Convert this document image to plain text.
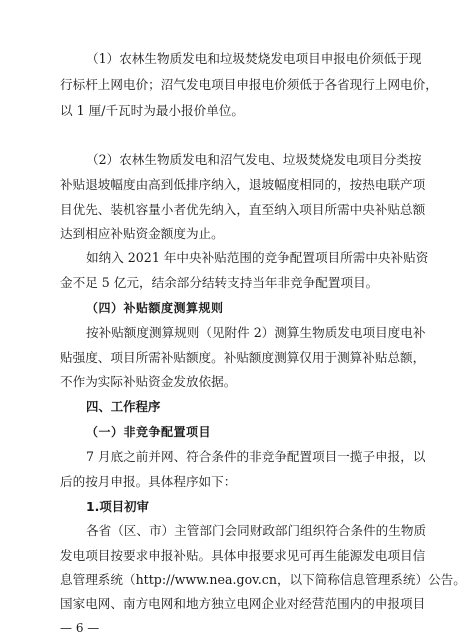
（1）农林生物质发电和垃圾焚烧发电项目申报电价须低于现
行标杆上网电价；沼气发电项目申报电价须低于各省现行上网电价，
以 1 厘/千瓦时为最小报价单位。
（2）农林生物质发电和沼气发电、垃圾焚烧发电项目分类按
补贴退坡幅度由高到低排序纳入，退坡幅度相同的，按热电联产项
目优先、装机容量小者优先纳入，直至纳入项目所需中央补贴总额
达到相应补贴资金额度为止。
如纳入 2021 年中央补贴范围的竞争配置项目所需中央补贴资
金不足 5 亿元，结余部分结转支持当年非竞争配置项目。
（四）补贴额度测算规则
按补贴额度测算规则（见附件 2）测算生物质发电项目度电补
贴强度、项目所需补贴额度。补贴额度测算仅用于测算补贴总额，
不作为实际补贴资金发放依据。
四、工作程序
（一）非竞争配置项目
7 月底之前并网、符合条件的非竞争配置项目一揽子申报，以
后的按月申报。具体程序如下：
1.项目初审
各省（区、市）主管部门会同财政部门组织符合条件的生物质
发电项目按要求申报补贴。具体申报要求见可再生能源发电项目信
息管理系统（http://www.nea.gov.cn，以下简称信息管理系统）公告。
国家电网、南方电网和地方独立电网企业对经营范围内的申报项目
— 6 —
